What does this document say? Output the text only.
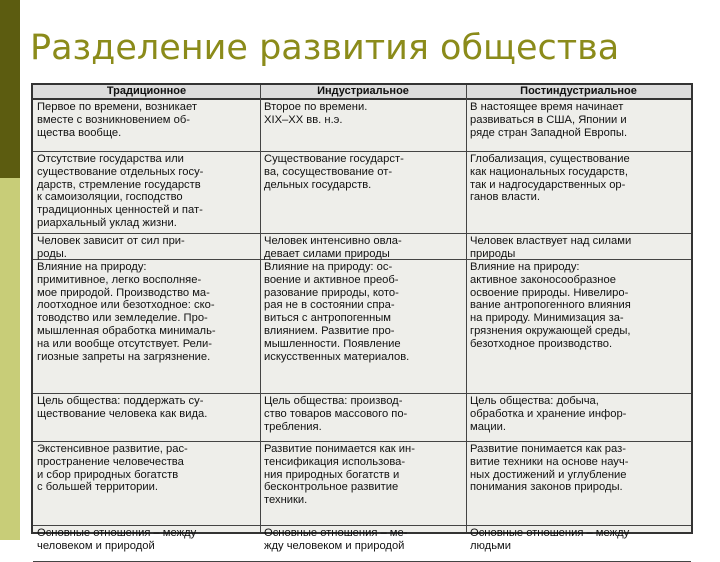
Разделение развития общества
Традиционное	Индустриальное	Постиндустриальное
Первое по времени, возникает
вместе с возникновением об-
щества вообще.
Второе по времени.
XIX–XX вв. н.э.
В настоящее время начинает
развиваться в США, Японии и
ряде стран Западной Европы.
Отсутствие государства или
существование отдельных госу-
дарств, стремление государств
к самоизоляции, господство
традиционных ценностей и пат-
риархальный уклад жизни.
Существование государст-
ва, сосуществование от-
дельных государств.
Глобализация, существование
как национальных государств,
так и надгосударственных ор-
ганов власти.
Человек зависит от сил при-
роды.
Человек интенсивно овла-
девает силами природы
Человек властвует над силами
природы
Влияние на природу:
примитивное, легко восполняе-
мое природой. Производство ма-
лоотходное или безотходное: ско-
товодство или земледелие. Про-
мышленная обработка минималь-
на или вообще отсутствует. Рели-
гиозные запреты на загрязнение.
Влияние на природу: ос-
воение и активное преоб-
разование природы, кото-
рая не в состоянии спра-
виться с антропогенным
влиянием. Развитие про-
мышленности. Появление
искусственных материалов.
Влияние на природу:
активное законосообразное
освоение природы. Нивелиро-
вание антропогенного влияния
на природу. Минимизация за-
грязнения окружающей среды,
безотходное производство.
Цель общества: поддержать су-
ществование человека как вида.
Цель общества: производ-
ство товаров массового по-
требления.
Цель общества: добыча,
обработка и хранение инфор-
мации.
Экстенсивное развитие, рас-
пространение человечества
и сбор природных богатств
с большей территории.
Развитие понимается как ин-
тенсификация использова-
ния природных богатств и
бесконтрольное развитие
техники.
Развитие понимается как раз-
витие техники на основе науч-
ных достижений и углубление
понимания законов природы.
Основные отношения – между
человеком и природой
Основные отношения – ме-
жду человеком и природой
Основные отношения – между
людьми
